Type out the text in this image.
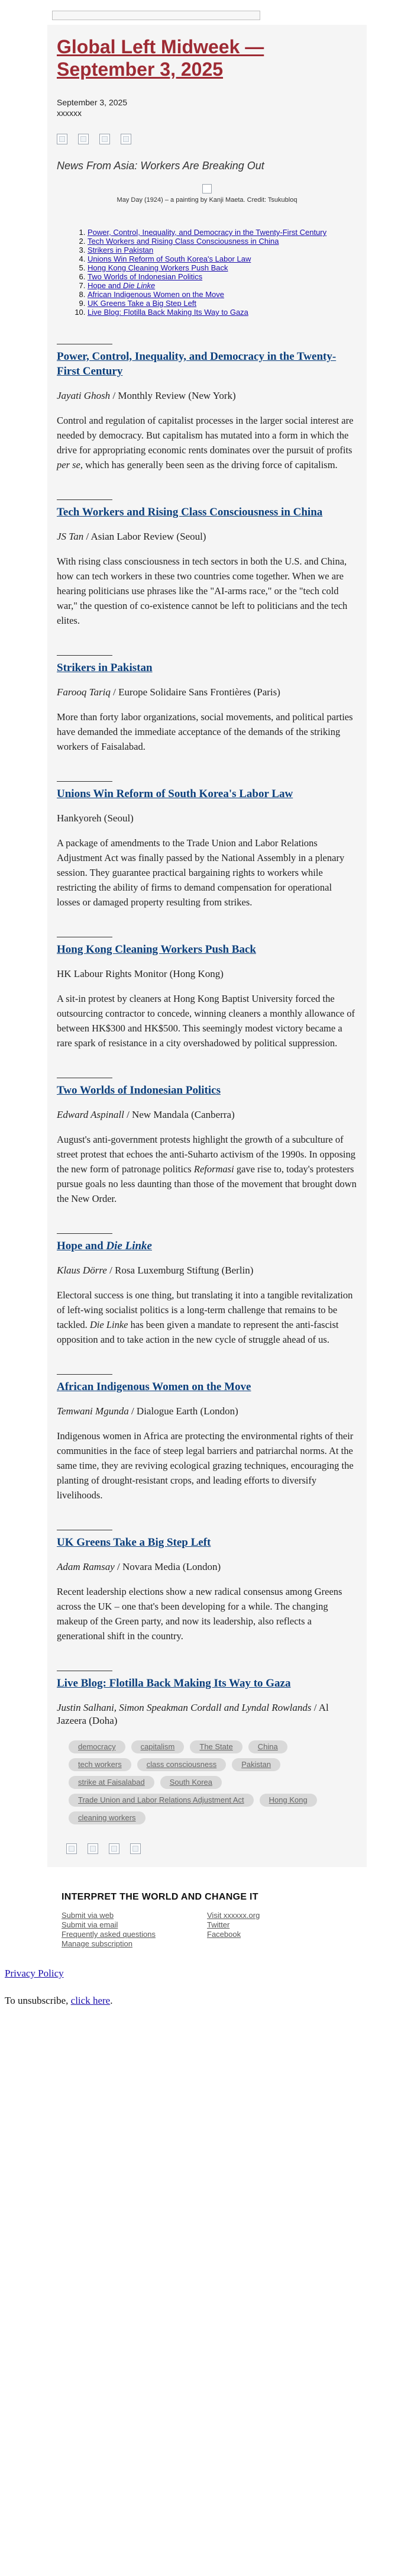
Global Left Midweek — September 3, 2025
September 3, 2025
xxxxxx
News From Asia: Workers Are Breaking Out
May Day (1924) – a painting by Kanji Maeta. Credit: Tsukubloq
1. Power, Control, Inequality, and Democracy in the Twenty-First Century
2. Tech Workers and Rising Class Consciousness in China
3. Strikers in Pakistan
4. Unions Win Reform of South Korea's Labor Law
5. Hong Kong Cleaning Workers Push Back
6. Two Worlds of Indonesian Politics
7. Hope and Die Linke
8. African Indigenous Women on the Move
9. UK Greens Take a Big Step Left
10. Live Blog: Flotilla Back Making Its Way to Gaza
Power, Control, Inequality, and Democracy in the Twenty-First Century

Jayati Ghosh / Monthly Review (New York)

Control and regulation of capitalist processes in the larger social interest are needed by democracy. But capitalism has mutated into a form in which the drive for appropriating economic rents dominates over the pursuit of profits per se, which has generally been seen as the driving force of capitalism.

Tech Workers and Rising Class Consciousness in China

JS Tan / Asian Labor Review (Seoul)

With rising class consciousness in tech sectors in both the U.S. and China, how can tech workers in these two countries come together. When we are hearing politicians use phrases like the "AI-arms race," or the "tech cold war," the question of co-existence cannot be left to politicians and the tech elites.

Strikers in Pakistan

Farooq Tariq / Europe Solidaire Sans Frontières (Paris)

More than forty labor organizations, social movements, and political parties have demanded the immediate acceptance of the demands of the striking workers of Faisalabad.

Unions Win Reform of South Korea's Labor Law

Hankyoreh (Seoul)

A package of amendments to the Trade Union and Labor Relations Adjustment Act was finally passed by the National Assembly in a plenary session. They guarantee practical bargaining rights to workers while restricting the ability of firms to demand compensation for operational losses or damaged property resulting from strikes.

Hong Kong Cleaning Workers Push Back

HK Labour Rights Monitor (Hong Kong)

A sit-in protest by cleaners at Hong Kong Baptist University forced the outsourcing contractor to concede, winning cleaners a monthly allowance of between HK$300 and HK$500. This seemingly modest victory became a rare spark of resistance in a city overshadowed by political suppression.

Two Worlds of Indonesian Politics

Edward Aspinall / New Mandala (Canberra)

August's anti-government protests highlight the growth of a subculture of street protest that echoes the anti-Suharto activism of the 1990s. In opposing the new form of patronage politics Reformasi gave rise to, today's protesters pursue goals no less daunting than those of the movement that brought down the New Order.

Hope and Die Linke

Klaus Dörre / Rosa Luxemburg Stiftung (Berlin)

Electoral success is one thing, but translating it into a tangible revitalization of left-wing socialist politics is a long-term challenge that remains to be tackled. Die Linke has been given a mandate to represent the anti-fascist opposition and to take action in the new cycle of struggle ahead of us.

African Indigenous Women on the Move

Temwani Mgunda / Dialogue Earth (London)

Indigenous women in Africa are protecting the environmental rights of their communities in the face of steep legal barriers and patriarchal norms. At the same time, they are reviving ecological grazing techniques, encouraging the planting of drought-resistant crops, and leading efforts to diversify livelihoods.

UK Greens Take a Big Step Left

Adam Ramsay / Novara Media (London)

Recent leadership elections show a new radical consensus among Greens across the UK – one that's been developing for a while. The changing makeup of the Green party, and now its leadership, also reflects a generational shift in the country.

Live Blog: Flotilla Back Making Its Way to Gaza

Justin Salhani, Simon Speakman Cordall and Lyndal Rowlands / Al Jazeera (Doha)

democracy	capitalism	The State	China
tech workers	class consciousness	Pakistan
strike at Faisalabad	South Korea
Trade Union and Labor Relations Adjustment Act	Hong Kong
cleaning workers
INTERPRET THE WORLD AND CHANGE IT
Submit via web
Submit via email
Frequently asked questions
Manage subscription
Visit xxxxxx.org
Twitter
Facebook
Privacy Policy
To unsubscribe, click here.
